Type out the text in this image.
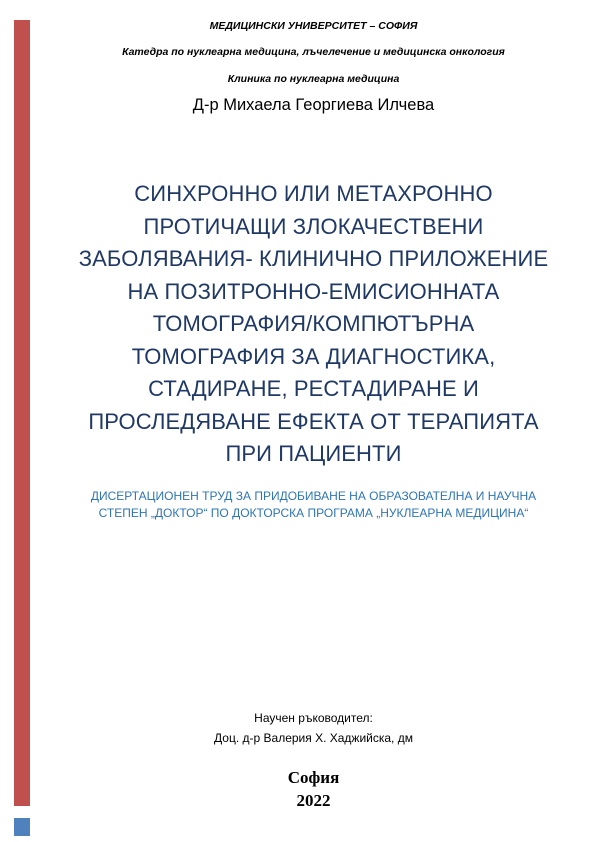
МЕДИЦИНСКИ УНИВЕРСИТЕТ – СОФИЯ
Катедра по нуклеарна медицина, лъчелечение и медицинска онкология
Клиника по нуклеарна медицина
Д-р Михаела Георгиева Илчева
СИНХРОННО ИЛИ МЕТАХРОННО
ПРОТИЧАЩИ ЗЛОКАЧЕСТВЕНИ
ЗАБОЛЯВАНИЯ- КЛИНИЧНО ПРИЛОЖЕНИЕ
НА ПОЗИТРОННО-ЕМИСИОННАТА
ТОМОГРАФИЯ/КОМПЮТЪРНА
ТОМОГРАФИЯ ЗА ДИАГНОСТИКА,
СТАДИРАНЕ, РЕСТАДИРАНЕ И
ПРОСЛЕДЯВАНЕ ЕФЕКТА ОТ ТЕРАПИЯТА
ПРИ ПАЦИЕНТИ
ДИСЕРТАЦИОНЕН ТРУД ЗА ПРИДОБИВАНЕ НА ОБРАЗОВАТЕЛНА И НАУЧНА
СТЕПЕН „ДОКТОР“ ПО ДОКТОРСКА ПРОГРАМА „НУКЛЕАРНА МЕДИЦИНА“
Научен ръководител:
Доц. д-р Валерия Х. Хаджийска, дм
София
2022
